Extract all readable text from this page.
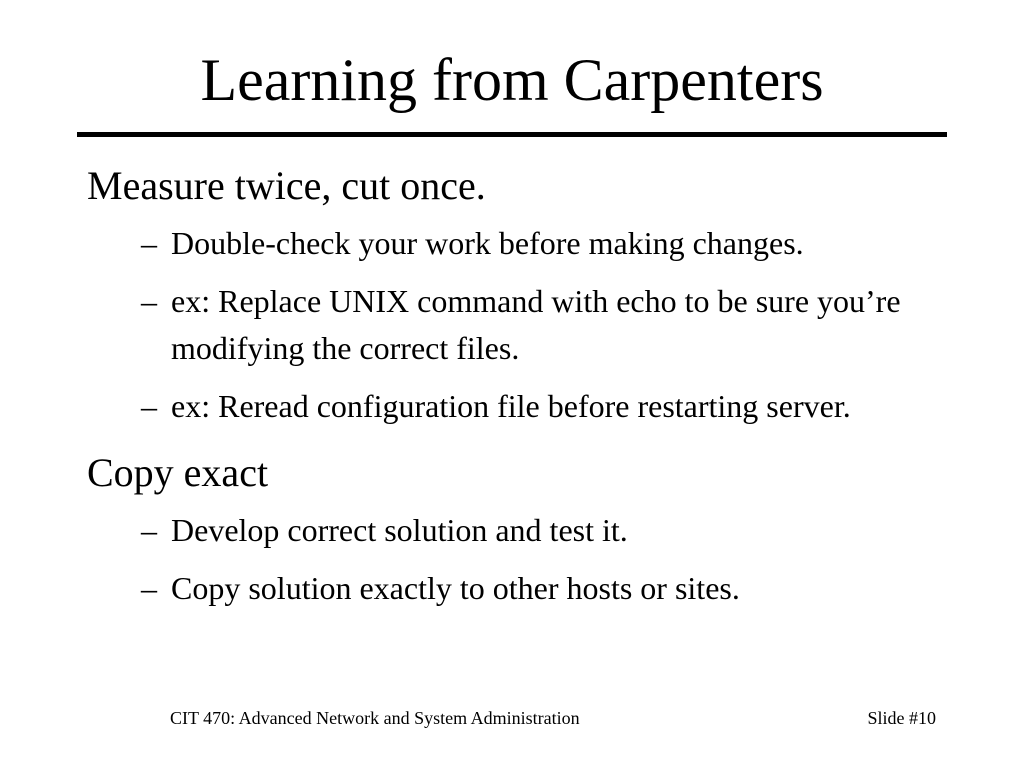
Learning from Carpenters
Measure twice, cut once.
– Double-check your work before making changes.
– ex: Replace UNIX command with echo to be sure you’re modifying the correct files.
– ex: Reread configuration file before restarting server.
Copy exact
– Develop correct solution and test it.
– Copy solution exactly to other hosts or sites.
CIT 470: Advanced Network and System Administration	Slide #10
